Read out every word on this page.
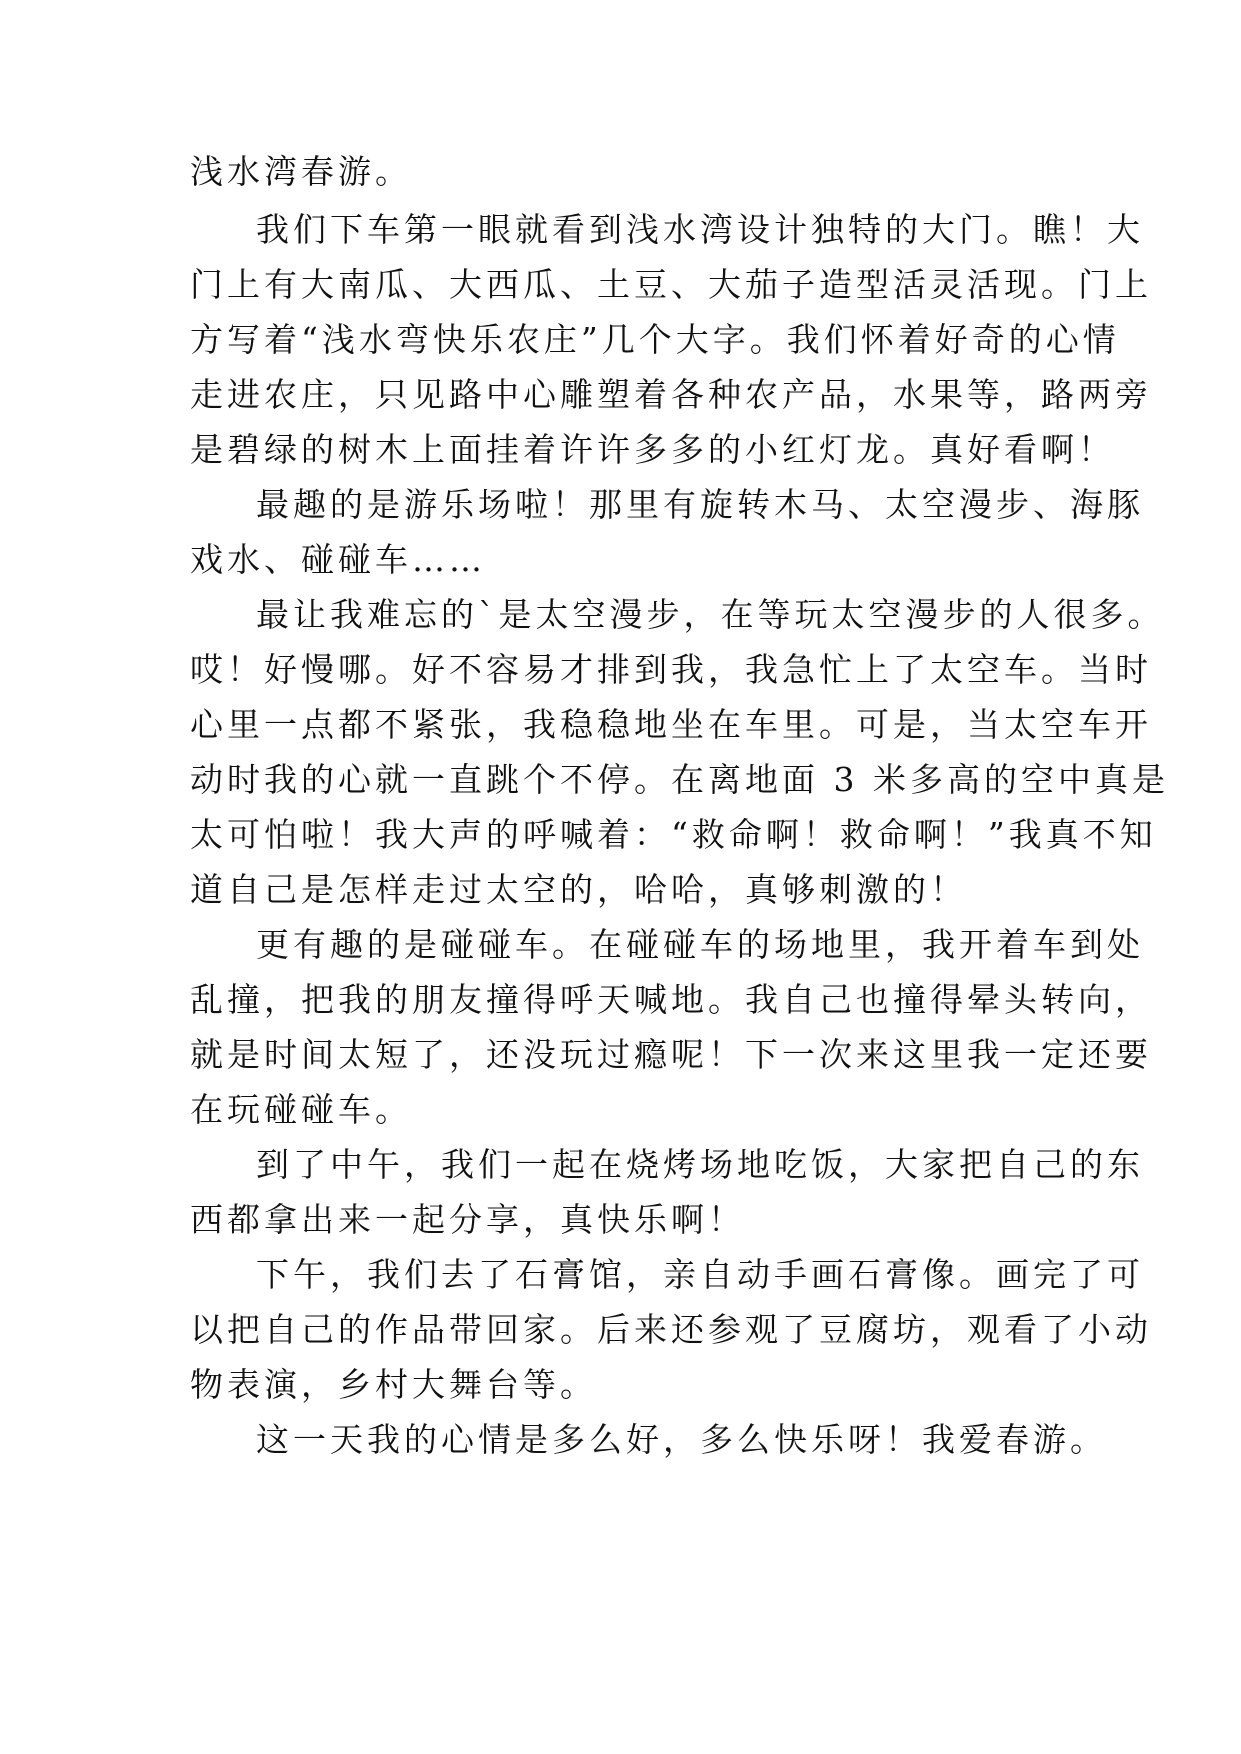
浅水湾春游。
我们下车第一眼就看到浅水湾设计独特的大门。瞧！大
门上有大南瓜、大西瓜、土豆、大茄子造型活灵活现。门上
方写着“浅水弯快乐农庄”几个大字。我们怀着好奇的心情
走进农庄，只见路中心雕塑着各种农产品，水果等，路两旁
是碧绿的树木上面挂着许许多多的小红灯龙。真好看啊！
最趣的是游乐场啦！那里有旋转木马、太空漫步、海豚
戏水、碰碰车……
最让我难忘的`是太空漫步，在等玩太空漫步的人很多。
哎！好慢哪。好不容易才排到我，我急忙上了太空车。当时
心里一点都不紧张，我稳稳地坐在车里。可是，当太空车开
动时我的心就一直跳个不停。在离地面 3 米多高的空中真是
太可怕啦！我大声的呼喊着：“救命啊！救命啊！”我真不知
道自己是怎样走过太空的，哈哈，真够刺激的！
更有趣的是碰碰车。在碰碰车的场地里，我开着车到处
乱撞，把我的朋友撞得呼天喊地。我自己也撞得晕头转向，
就是时间太短了，还没玩过瘾呢！下一次来这里我一定还要
在玩碰碰车。
到了中午，我们一起在烧烤场地吃饭，大家把自己的东
西都拿出来一起分享，真快乐啊！
下午，我们去了石膏馆，亲自动手画石膏像。画完了可
以把自己的作品带回家。后来还参观了豆腐坊，观看了小动
物表演，乡村大舞台等。
这一天我的心情是多么好，多么快乐呀！我爱春游。
